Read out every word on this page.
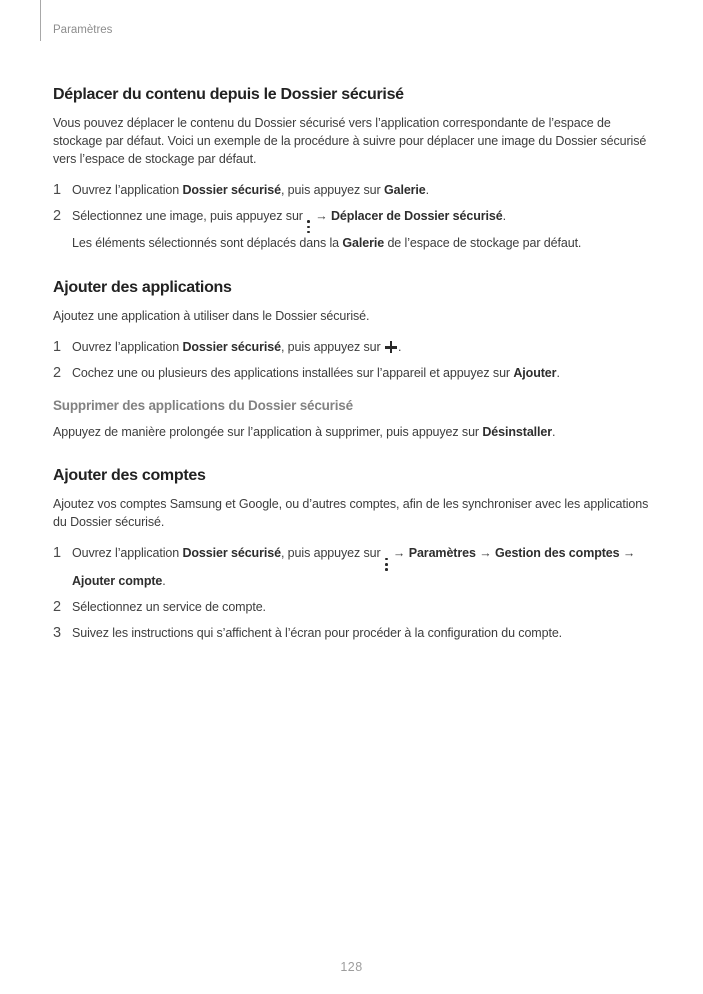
Paramètres
Déplacer du contenu depuis le Dossier sécurisé
Vous pouvez déplacer le contenu du Dossier sécurisé vers l’application correspondante de l’espace de
stockage par défaut. Voici un exemple de la procédure à suivre pour déplacer une image du Dossier sécurisé
vers l’espace de stockage par défaut.
1 Ouvrez l’application Dossier sécurisé, puis appuyez sur Galerie.
2 Sélectionnez une image, puis appuyez sur
→ Déplacer de Dossier sécurisé.
Les éléments sélectionnés sont déplacés dans la Galerie de l’espace de stockage par défaut.
Ajouter des applications
Ajoutez une application à utiliser dans le Dossier sécurisé.
1 Ouvrez l’application Dossier sécurisé, puis appuyez sur .
2 Cochez une ou plusieurs des applications installées sur l’appareil et appuyez sur Ajouter.
Supprimer des applications du Dossier sécurisé
Appuyez de manière prolongée sur l’application à supprimer, puis appuyez sur Désinstaller.
Ajouter des comptes
Ajoutez vos comptes Samsung et Google, ou d’autres comptes, afin de les synchroniser avec les applications
du Dossier sécurisé.
1 Ouvrez l’application Dossier sécurisé, puis appuyez sur
→ Paramètres → Gestion des comptes →
Ajouter compte.
2 Sélectionnez un service de compte.
3 Suivez les instructions qui s’affichent à l’écran pour procéder à la configuration du compte.
128
